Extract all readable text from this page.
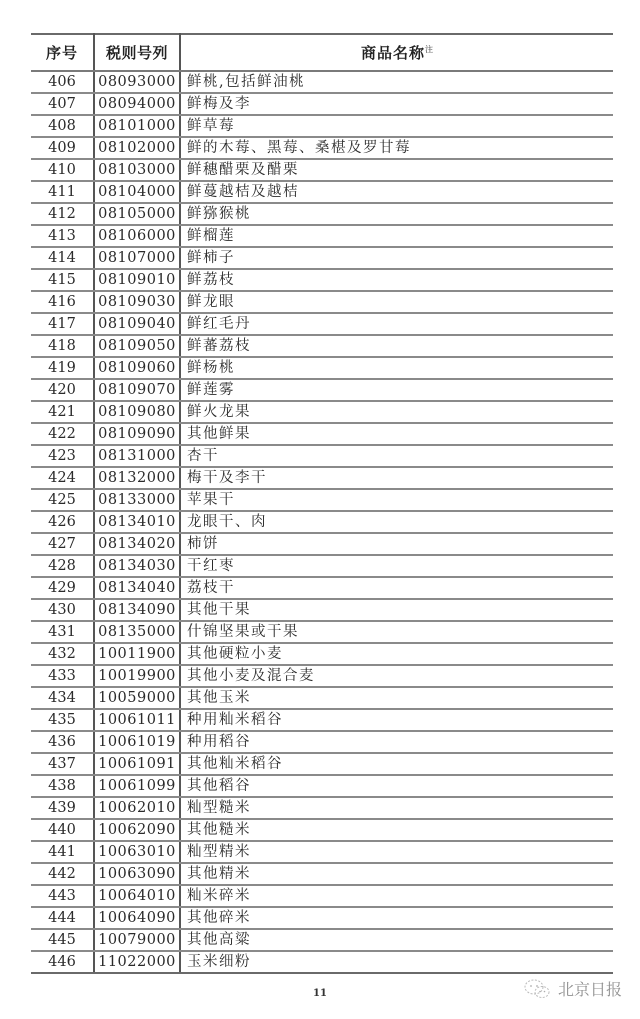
序号	税则号列	商品名称$^注$
406	08093000	鲜桃,包括鲜油桃
407	08094000	鲜梅及李
408	08101000	鲜草莓
409	08102000	鲜的木莓、黑莓、桑椹及罗甘莓
410	08103000	鲜穗醋栗及醋栗
411	08104000	鲜蔓越桔及越桔
412	08105000	鲜猕猴桃
413	08106000	鲜榴莲
414	08107000	鲜柿子
415	08109010	鲜荔枝
416	08109030	鲜龙眼
417	08109040	鲜红毛丹
418	08109050	鲜蕃荔枝
419	08109060	鲜杨桃
420	08109070	鲜莲雾
421	08109080	鲜火龙果
422	08109090	其他鲜果
423	08131000	杏干
424	08132000	梅干及李干
425	08133000	苹果干
426	08134010	龙眼干、肉
427	08134020	柿饼
428	08134030	干红枣
429	08134040	荔枝干
430	08134090	其他干果
431	08135000	什锦坚果或干果
432	10011900	其他硬粒小麦
433	10019900	其他小麦及混合麦
434	10059000	其他玉米
435	10061011	种用籼米稻谷
436	10061019	种用稻谷
437	10061091	其他籼米稻谷
438	10061099	其他稻谷
439	10062010	籼型糙米
440	10062090	其他糙米
441	10063010	籼型精米
442	10063090	其他精米
443	10064010	籼米碎米
444	10064090	其他碎米
445	10079000	其他高粱
446	11022000	玉米细粉
11	北京日报
